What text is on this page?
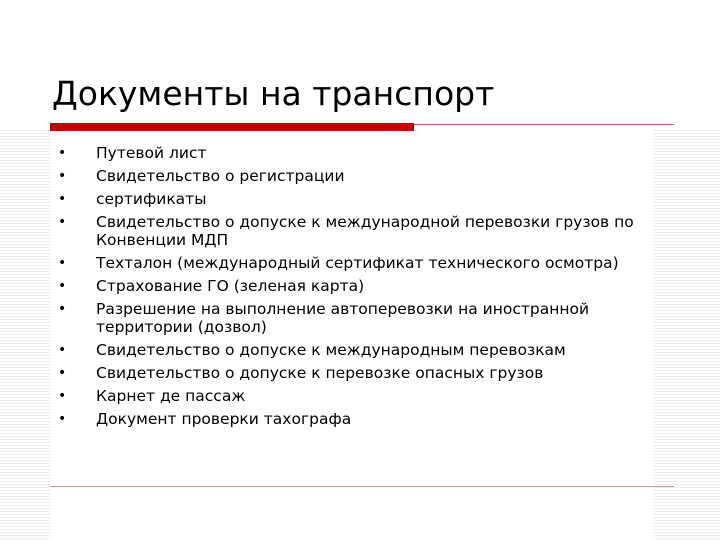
Документы на транспорт
• Путевой лист
• Свидетельство о регистрации
• сертификаты
• Свидетельство о допуске к международной перевозки грузов по Конвенции МДП
• Техталон (международный сертификат технического осмотра)
• Страхование ГО (зеленая карта)
• Разрешение на выполнение автоперевозки на иностранной территории (дозвол)
• Свидетельство о допуске к международным перевозкам
• Свидетельство о допуске к перевозке опасных грузов
• Карнет де пассаж
• Документ проверки тахографа
